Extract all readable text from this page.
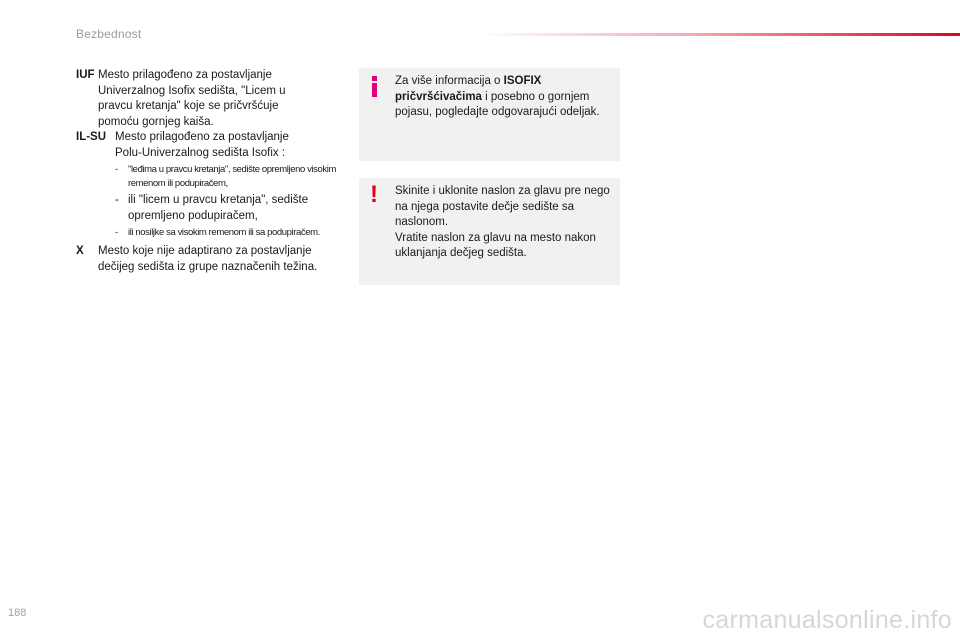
Bezbednost
IUF Mesto prilagođeno za postavljanje
Univerzalnog Isofix sedišta, "Licem u
pravcu kretanja" koje se pričvršćuje
pomoću gornjeg kaiša.
IL-SU Mesto prilagođeno za postavljanje
Polu-Univerzalnog sedišta Isofix :
- "leđima u pravcu kretanja", sedište opremljeno visokim remenom ili podupiračem,
- ili "licem u pravcu kretanja", sedište opremljeno podupiračem,
- ili nosiljke sa visokim remenom ili sa podupiračem.
X Mesto koje nije adaptirano za postavljanje
dečijeg sedišta iz grupe naznačenih težina.
Za više informacija o ISOFIX pričvršćivačima i posebno o gornjem pojasu, pogledajte odgovarajući odeljak.
! Skinite i uklonite naslon za glavu pre nego na njega postavite dečje sedište sa naslonom.
Vratite naslon za glavu na mesto nakon uklanjanja dečjeg sedišta.
188	carmanualsonline.info
